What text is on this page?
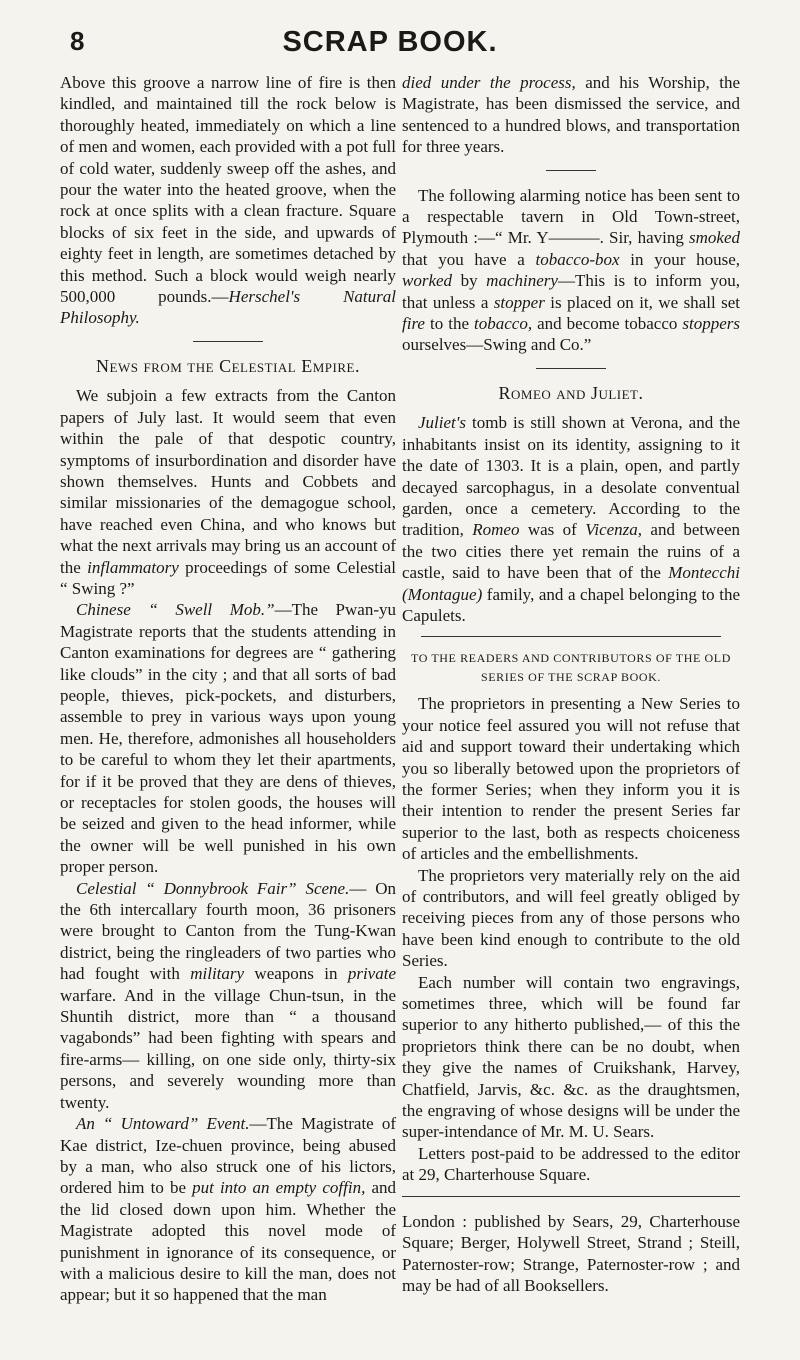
8	SCRAP BOOK.

Above this groove a narrow line of fire is then kindled, and maintained till the rock below is thoroughly heated, immediately on which a line of men and women, each provided with a pot full of cold water, suddenly sweep off the ashes, and pour the water into the heated groove, when the rock at once splits with a clean fracture. Square blocks of six feet in the side, and upwards of eighty feet in length, are sometimes detached by this method. Such a block would weigh nearly 500,000 pounds.—Herschel's Natural Philosophy.

News from the Celestial Empire.

We subjoin a few extracts from the Canton papers of July last. It would seem that even within the pale of that despotic country, symptoms of insurbordination and disorder have shown themselves. Hunts and Cobbets and similar missionaries of the demagogue school, have reached even China, and who knows but what the next arrivals may bring us an account of the inflammatory proceedings of some Celestial “ Swing ?”

Chinese “ Swell Mob.”—The Pwan-yu Magistrate reports that the students attending in Canton examinations for degrees are “ gathering like clouds” in the city ; and that all sorts of bad people, thieves, pick-pockets, and disturbers, assemble to prey in various ways upon young men. He, therefore, admonishes all householders to be careful to whom they let their apartments, for if it be proved that they are dens of thieves, or receptacles for stolen goods, the houses will be seized and given to the head informer, while the owner will be well punished in his own proper person.

Celestial “ Donnybrook Fair” Scene.— On the 6th intercallary fourth moon, 36 prisoners were brought to Canton from the Tung-Kwan district, being the ringleaders of two parties who had fought with military weapons in private warfare. And in the village Chun-tsun, in the Shuntih district, more than “ a thousand vagabonds” had been fighting with spears and fire-arms— killing, on one side only, thirty-six persons, and severely wounding more than twenty.

An “ Untoward” Event.—The Magistrate of Kae district, Ize-chuen province, being abused by a man, who also struck one of his lictors, ordered him to be put into an empty coffin, and the lid closed down upon him. Whether the Magistrate adopted this novel mode of punishment in ignorance of its consequence, or with a malicious desire to kill the man, does not appear; but it so happened that the man

died under the process, and his Worship, the Magistrate, has been dismissed the service, and sentenced to a hundred blows, and transportation for three years.

The following alarming notice has been sent to a respectable tavern in Old Town-street, Plymouth :—“ Mr. Y———. Sir, having smoked that you have a tobacco-box in your house, worked by machinery—This is to inform you, that unless a stopper is placed on it, we shall set fire to the tobacco, and become tobacco stoppers ourselves—Swing and Co.”

Romeo and Juliet.

Juliet's tomb is still shown at Verona, and the inhabitants insist on its identity, assigning to it the date of 1303. It is a plain, open, and partly decayed sarcophagus, in a desolate conventual garden, once a cemetery. According to the tradition, Romeo was of Vicenza, and between the two cities there yet remain the ruins of a castle, said to have been that of the Montecchi (Montague) family, and a chapel belonging to the Capulets.

TO THE READERS AND CONTRIBUTORS OF THE OLD SERIES OF THE SCRAP BOOK.

The proprietors in presenting a New Series to your notice feel assured you will not refuse that aid and support toward their undertaking which you so liberally betowed upon the proprietors of the former Series; when they inform you it is their intention to render the present Series far superior to the last, both as respects choiceness of articles and the embellishments.

The proprietors very materially rely on the aid of contributors, and will feel greatly obliged by receiving pieces from any of those persons who have been kind enough to contribute to the old Series.

Each number will contain two engravings, sometimes three, which will be found far superior to any hitherto published,— of this the proprietors think there can be no doubt, when they give the names of Cruikshank, Harvey, Chatfield, Jarvis, &c. &c. as the draughtsmen, the engraving of whose designs will be under the super-intendance of Mr. M. U. Sears.

Letters post-paid to be addressed to the editor at 29, Charterhouse Square.

London : published by Sears, 29, Charterhouse Square; Berger, Holywell Street, Strand ; Steill, Paternoster-row; Strange, Paternoster-row ; and may be had of all Booksellers.
